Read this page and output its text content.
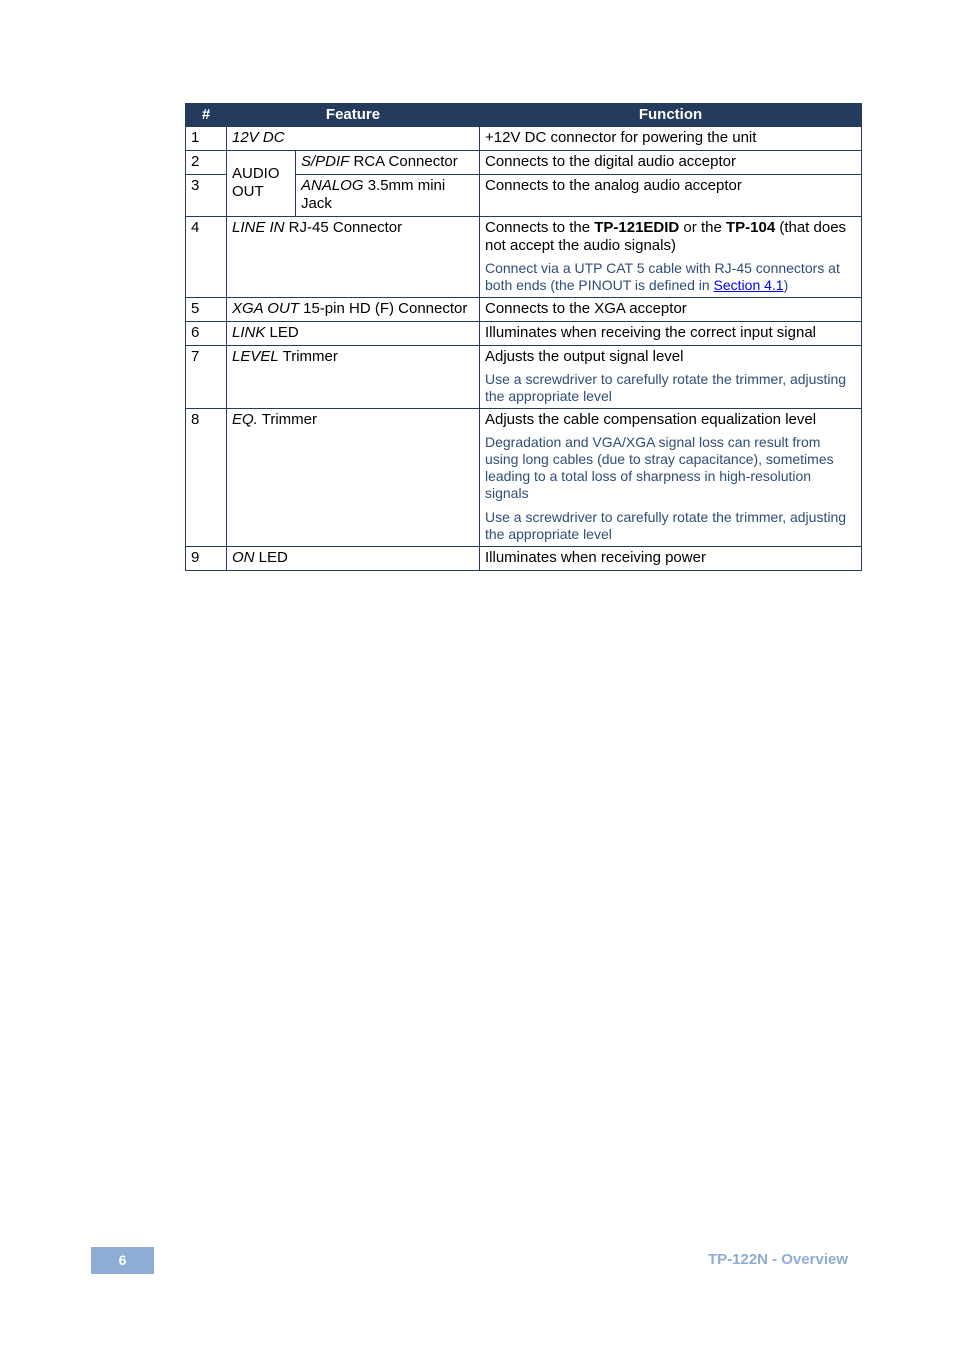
#	Feature		Function
1	12V DC		+12V DC connector for powering the unit
2	AUDIO OUT	S/PDIF RCA Connector	Connects to the digital audio acceptor
3		ANALOG 3.5mm mini Jack	Connects to the analog audio acceptor
4	LINE IN RJ-45 Connector		Connects to the TP-121EDID or the TP-104 (that does not accept the audio signals)
Connect via a UTP CAT 5 cable with RJ-45 connectors at both ends (the PINOUT is defined in Section 4.1)

5	XGA OUT 15-pin HD (F) Connector		Connects to the XGA acceptor
6	LINK LED		Illuminates when receiving the correct input signal
7	LEVEL Trimmer		Adjusts the output signal level
Use a screwdriver to carefully rotate the trimmer, adjusting the appropriate level

8	EQ. Trimmer		Adjusts the cable compensation equalization level
Degradation and VGA/XGA signal loss can result from using long cables (due to stray capacitance), sometimes leading to a total loss of sharpness in high-resolution signals
Use a screwdriver to carefully rotate the trimmer, adjusting the appropriate level

9	ON LED		Illuminates when receiving power
6	TP-122N - Overview
